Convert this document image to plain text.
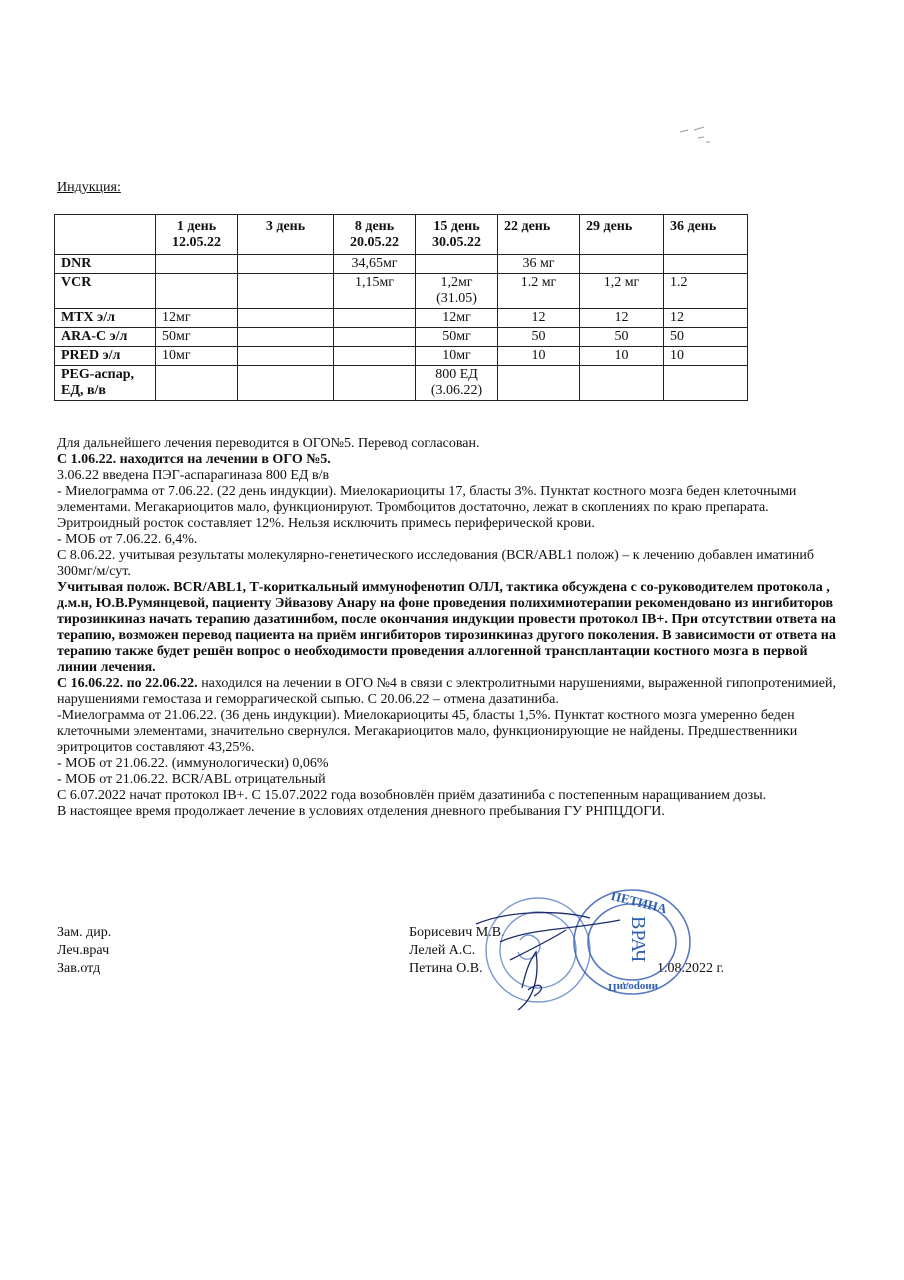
Индукция:
	1 день 12.05.22	3 день	8 день 20.05.22	15 день 30.05.22	22 день	29 день	36 день
DNR			34,65мг		36 мг		
VCR			1,15мг	1,2мг (31.05)	1.2 мг	1,2 мг	1.2
MTX э/л	12мг			12мг	12	12	12
ARA-C э/л	50мг			50мг	50	50	50
PRED э/л	10мг			10мг	10	10	10
PEG-аспар, ЕД, в/в				800 ЕД (3.06.22)			

Для дальнейшего лечения переводится в ОГО№5. Перевод согласован.

С 1.06.22. находится на лечении в ОГО №5.

3.06.22 введена ПЭГ-аспарагиназа 800 ЕД в/в

- Миелограмма от 7.06.22. (22 день индукции). Миелокариоциты 17, бласты 3%. Пунктат костного мозга беден клеточными элементами. Мегакариоцитов мало, функционируют. Тромбоцитов достаточно, лежат в скоплениях по краю препарата. Эритроидный росток составляет 12%. Нельзя исключить примесь периферической крови.

- МОБ от 7.06.22. 6,4%.

С 8.06.22. учитывая результаты молекулярно-генетического исследования (BCR/ABL1 полож) – к лечению добавлен иматиниб 300мг/м/сут.

Учитывая полож. BCR/ABL1, Т-кориткальный иммунофенотип ОЛЛ, тактика обсуждена с со-руководителем протокола , д.м.н, Ю.В.Румянцевой, пациенту Эйвазову Анару на фоне проведения полихимиотерапии рекомендовано из ингибиторов тирозинкиназ начать терапию дазатинибом, после окончания индукции провести протокол IB+. При отсутствии ответа на терапию, возможен перевод пациента на приём ингибиторов тирозинкиназ другого поколения. В зависимости от ответа на терапию также будет решён вопрос о необходимости проведения аллогенной трансплантации костного мозга в первой линии лечения.

С 16.06.22. по 22.06.22. находился на лечении в ОГО №4 в связи с электролитными нарушениями, выраженной гипопротенимией, нарушениями гемостаза и геморрагической сыпью. С 20.06.22 – отмена дазатиниба.

-Миелограмма от 21.06.22. (36 день индукции). Миелокариоциты 45, бласты 1,5%. Пунктат костного мозга умеренно беден клеточными элементами, значительно свернулся. Мегакариоцитов мало, функционирующие не найдены. Предшественники эритроцитов составляют 43,25%.

- МОБ от 21.06.22. (иммунологически) 0,06%

- МОБ от 21.06.22. BCR/ABL отрицательный

С 6.07.2022 начат протокол IB+. С 15.07.2022 года возобновлён приём дазатиниба с постепенным наращиванием дозы.

В настоящее время продолжает лечение в условиях отделения дневного пребывания ГУ РНПЦДОГИ.

Зам. дир.	Борисевич М.В.
Леч.врач	Лелей А.С.
Зав.отд	Петина О.В.	1.08.2022 г.
ПЕТИНА
ВРАЧ
инородиП
